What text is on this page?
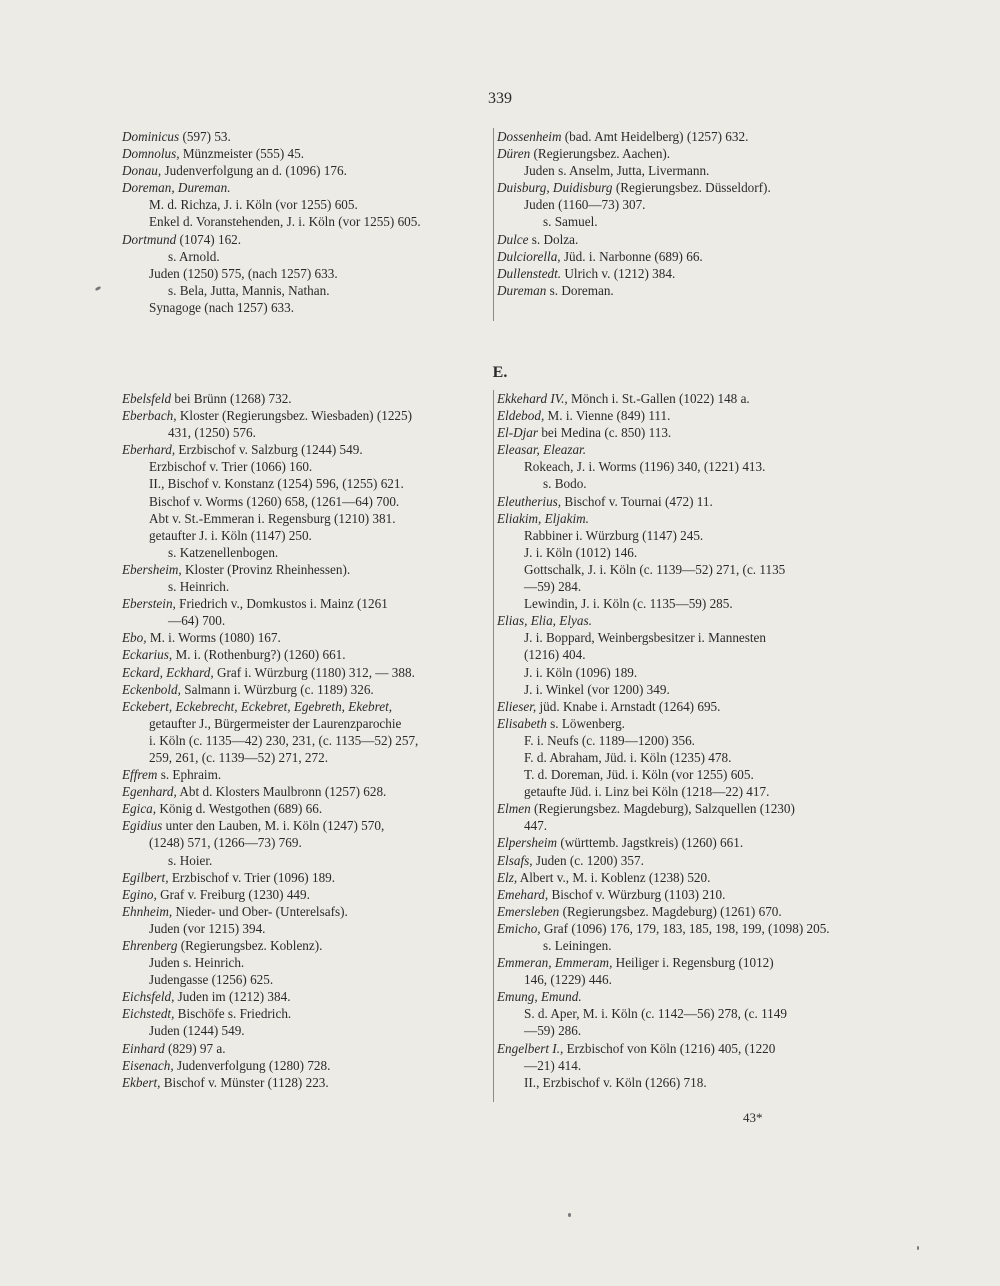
339
Dominicus (597) 53.
Domnolus, Münzmeister (555) 45.
Donau, Judenverfolgung an d. (1096) 176.
Doreman, Dureman.
M. d. Richza, J. i. Köln (vor 1255) 605.
Enkel d. Voranstehenden, J. i. Köln (vor 1255) 605.
Dortmund (1074) 162.
s. Arnold.
Juden (1250) 575, (nach 1257) 633.
s. Bela, Jutta, Mannis, Nathan.
Synagoge (nach 1257) 633.
Dossenheim (bad. Amt Heidelberg) (1257) 632.
Düren (Regierungsbez. Aachen).
Juden s. Anselm, Jutta, Livermann.
Duisburg, Duidisburg (Regierungsbez. Düsseldorf).
Juden (1160—73) 307.
s. Samuel.
Dulce s. Dolza.
Dulciorella, Jüd. i. Narbonne (689) 66.
Dullenstedt. Ulrich v. (1212) 384.
Dureman s. Doreman.
E.
Ebelsfeld bei Brünn (1268) 732.
Eberbach, Kloster (Regierungsbez. Wiesbaden) (1225)
431, (1250) 576.
Eberhard, Erzbischof v. Salzburg (1244) 549.
Erzbischof v. Trier (1066) 160.
II., Bischof v. Konstanz (1254) 596, (1255) 621.
Bischof v. Worms (1260) 658, (1261—64) 700.
Abt v. St.-Emmeran i. Regensburg (1210) 381.
getaufter J. i. Köln (1147) 250.
s. Katzenellenbogen.
Ebersheim, Kloster (Provinz Rheinhessen).
s. Heinrich.
Eberstein, Friedrich v., Domkustos i. Mainz (1261
—64) 700.
Ebo, M. i. Worms (1080) 167.
Eckarius, M. i. (Rothenburg?) (1260) 661.
Eckard, Eckhard, Graf i. Würzburg (1180) 312, — 388.
Eckenbold, Salmann i. Würzburg (c. 1189) 326.
Eckebert, Eckebrecht, Eckebret, Egebreth, Ekebret,
getaufter J., Bürgermeister der Laurenzparochie
i. Köln (c. 1135—42) 230, 231, (c. 1135—52) 257,
259, 261, (c. 1139—52) 271, 272.
Effrem s. Ephraim.
Egenhard, Abt d. Klosters Maulbronn (1257) 628.
Egica, König d. Westgothen (689) 66.
Egidius unter den Lauben, M. i. Köln (1247) 570,
(1248) 571, (1266—73) 769.
s. Hoier.
Egilbert, Erzbischof v. Trier (1096) 189.
Egino, Graf v. Freiburg (1230) 449.
Ehnheim, Nieder- und Ober- (Unterelsafs).
Juden (vor 1215) 394.
Ehrenberg (Regierungsbez. Koblenz).
Juden s. Heinrich.
Judengasse (1256) 625.
Eichsfeld, Juden im (1212) 384.
Eichstedt, Bischöfe s. Friedrich.
Juden (1244) 549.
Einhard (829) 97 a.
Eisenach, Judenverfolgung (1280) 728.
Ekbert, Bischof v. Münster (1128) 223.
Ekkehard IV., Mönch i. St.-Gallen (1022) 148 a.
Eldebod, M. i. Vienne (849) 111.
El-Djar bei Medina (c. 850) 113.
Eleasar, Eleazar.
Rokeach, J. i. Worms (1196) 340, (1221) 413.
s. Bodo.
Eleutherius, Bischof v. Tournai (472) 11.
Eliakim, Eljakim.
Rabbiner i. Würzburg (1147) 245.
J. i. Köln (1012) 146.
Gottschalk, J. i. Köln (c. 1139—52) 271, (c. 1135
—59) 284.
Lewindin, J. i. Köln (c. 1135—59) 285.
Elias, Elia, Elyas.
J. i. Boppard, Weinbergsbesitzer i. Mannesten
(1216) 404.
J. i. Köln (1096) 189.
J. i. Winkel (vor 1200) 349.
Elieser, jüd. Knabe i. Arnstadt (1264) 695.
Elisabeth s. Löwenberg.
F. i. Neufs (c. 1189—1200) 356.
F. d. Abraham, Jüd. i. Köln (1235) 478.
T. d. Doreman, Jüd. i. Köln (vor 1255) 605.
getaufte Jüd. i. Linz bei Köln (1218—22) 417.
Elmen (Regierungsbez. Magdeburg), Salzquellen (1230)
447.
Elpersheim (württemb. Jagstkreis) (1260) 661.
Elsafs, Juden (c. 1200) 357.
Elz, Albert v., M. i. Koblenz (1238) 520.
Emehard, Bischof v. Würzburg (1103) 210.
Emersleben (Regierungsbez. Magdeburg) (1261) 670.
Emicho, Graf (1096) 176, 179, 183, 185, 198, 199, (1098) 205.
s. Leiningen.
Emmeran, Emmeram, Heiliger i. Regensburg (1012)
146, (1229) 446.
Emung, Emund.
S. d. Aper, M. i. Köln (c. 1142—56) 278, (c. 1149
—59) 286.
Engelbert I., Erzbischof von Köln (1216) 405, (1220
—21) 414.
II., Erzbischof v. Köln (1266) 718.
43*
